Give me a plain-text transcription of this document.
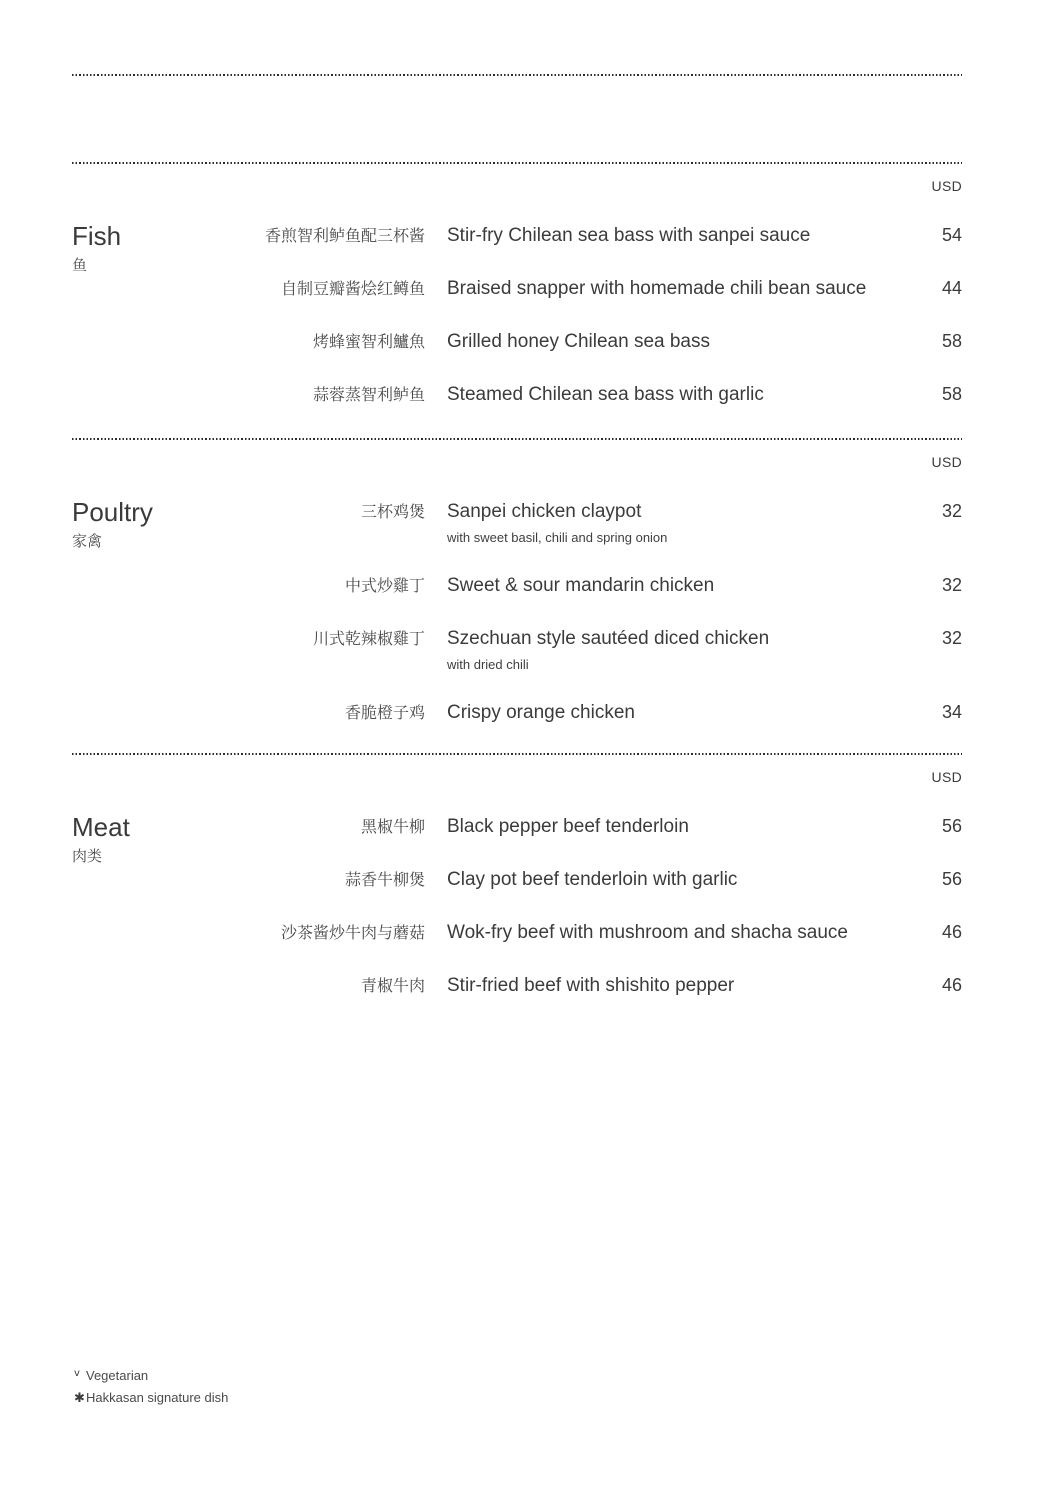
USD
Fish
鱼
香煎智利鲈鱼配三杯酱 Stir-fry Chilean sea bass with sanpei sauce	54
自制豆瓣酱烩红鳟鱼 Braised snapper with homemade chili bean sauce	44
烤蜂蜜智利鱸魚 Grilled honey Chilean sea bass	58
蒜蓉蒸智利鲈鱼 Steamed Chilean sea bass with garlic	58
USD
Poultry
家禽
三杯鸡煲 Sanpei chicken claypot
with sweet basil, chili and spring onion
32
中式炒雞丁 Sweet & sour mandarin chicken	32
川式乾辣椒雞丁 Szechuan style sautéed diced chicken
with dried chili
32
香脆橙子鸡 Crispy orange chicken	34
USD
Meat
肉类
黑椒牛柳 Black pepper beef tenderloin	56
蒜香牛柳煲 Clay pot beef tenderloin with garlic	56
沙茶酱炒牛肉与蘑菇 Wok-fry beef with mushroom and shacha sauce	46
青椒牛肉 Stir-fried beef with shishito pepper	46
v Vegetarian
✱ Hakkasan signature dish
